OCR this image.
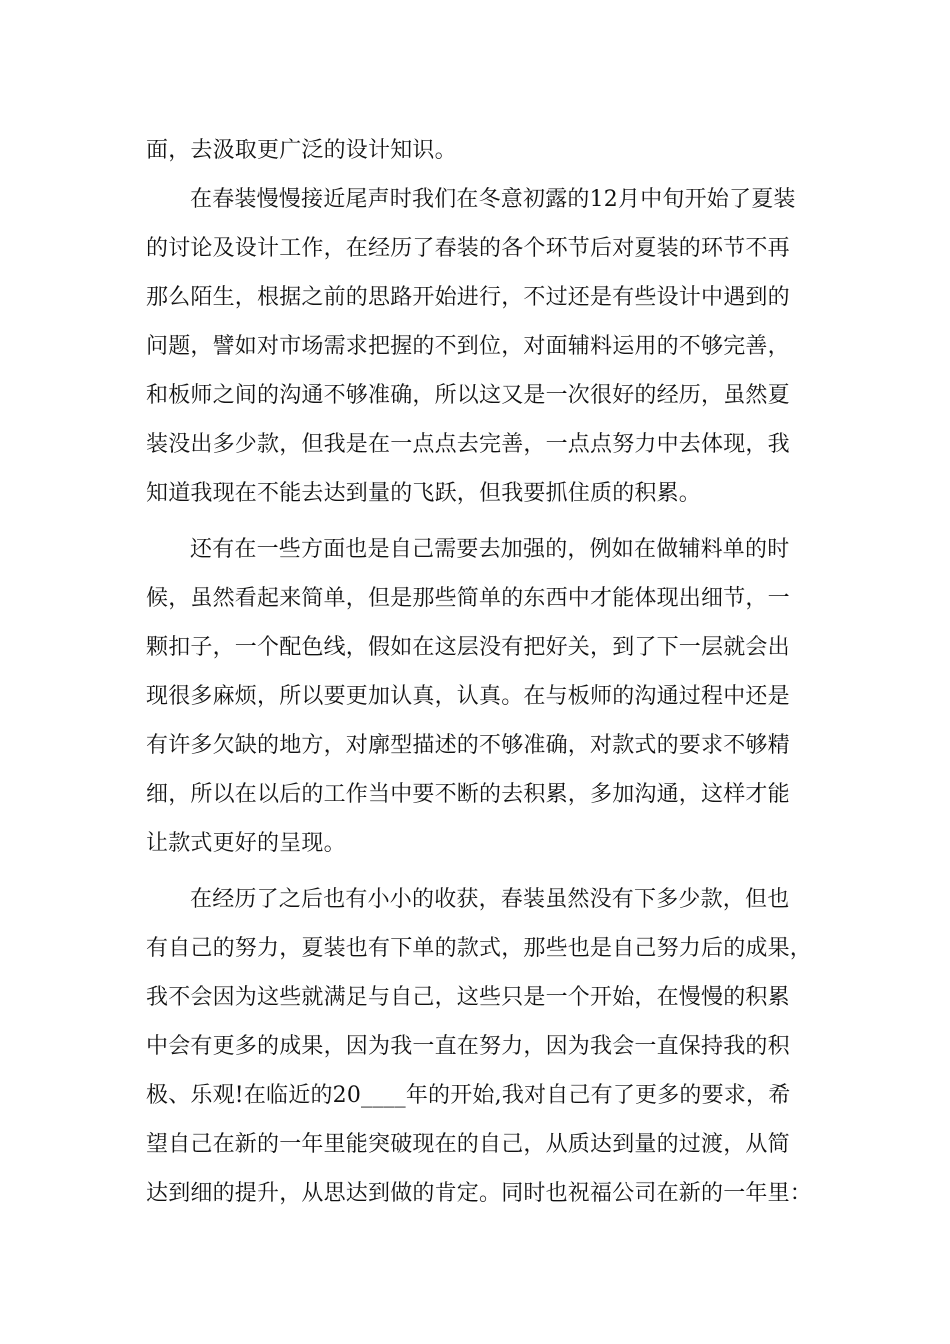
面，去汲取更广泛的设计知识。
在春装慢慢接近尾声时我们在冬意初露的12月中旬开始了夏装
的讨论及设计工作，在经历了春装的各个环节后对夏装的环节不再
那么陌生，根据之前的思路开始进行，不过还是有些设计中遇到的
问题，譬如对市场需求把握的不到位，对面辅料运用的不够完善，
和板师之间的沟通不够准确，所以这又是一次很好的经历，虽然夏
装没出多少款，但我是在一点点去完善，一点点努力中去体现，我
知道我现在不能去达到量的飞跃，但我要抓住质的积累。
还有在一些方面也是自己需要去加强的，例如在做辅料单的时
候，虽然看起来简单，但是那些简单的东西中才能体现出细节，一
颗扣子，一个配色线，假如在这层没有把好关，到了下一层就会出
现很多麻烦，所以要更加认真，认真。在与板师的沟通过程中还是
有许多欠缺的地方，对廓型描述的不够准确，对款式的要求不够精
细，所以在以后的工作当中要不断的去积累，多加沟通，这样才能
让款式更好的呈现。
在经历了之后也有小小的收获，春装虽然没有下多少款，但也
有自己的努力，夏装也有下单的款式，那些也是自己努力后的成果，
我不会因为这些就满足与自己，这些只是一个开始，在慢慢的积累
中会有更多的成果，因为我一直在努力，因为我会一直保持我的积
极、乐观!在临近的20____年的开始,我对自己有了更多的要求，希
望自己在新的一年里能突破现在的自己，从质达到量的过渡，从简
达到细的提升，从思达到做的肯定。同时也祝福公司在新的一年里：
